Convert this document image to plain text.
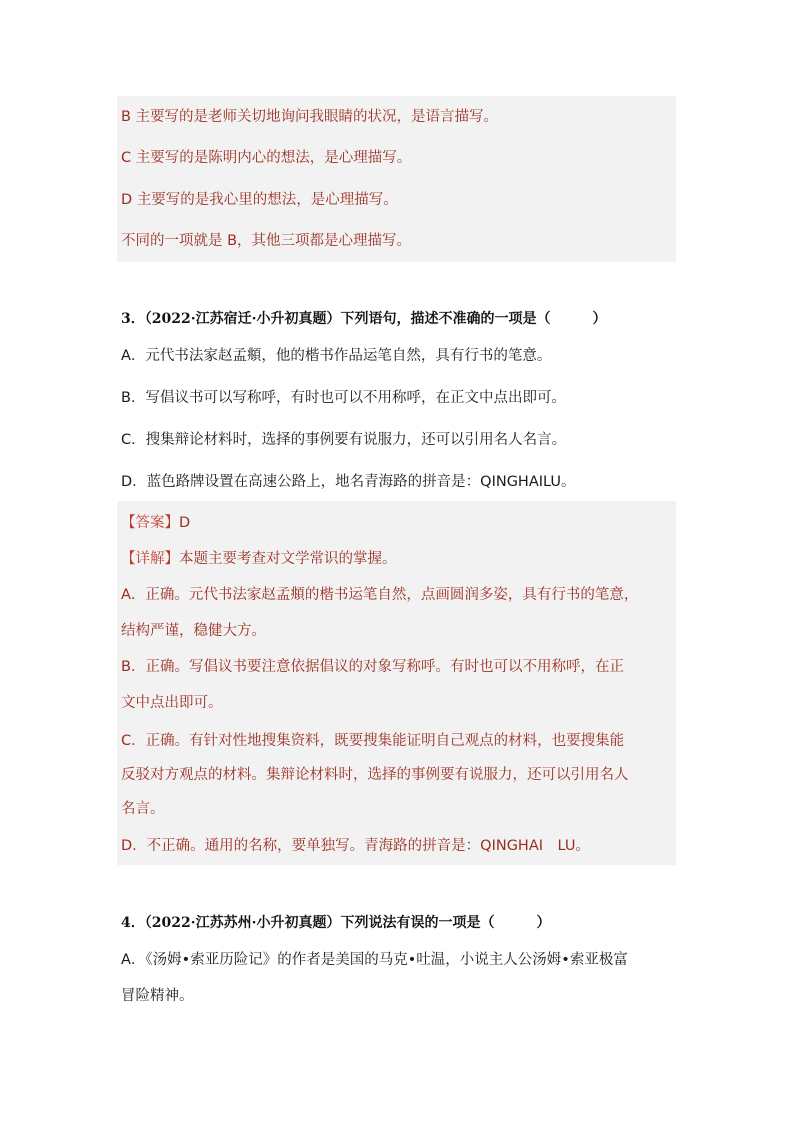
B 主要写的是老师关切地询问我眼睛的状况，是语言描写。
C 主要写的是陈明内心的想法，是心理描写。
D 主要写的是我心里的想法，是心理描写。
不同的一项就是 B，其他三项都是心理描写。
3．（2022·江苏宿迁·小升初真题）下列语句，描述不准确的一项是（　　　）
A．元代书法家赵孟頫，他的楷书作品运笔自然，具有行书的笔意。
B．写倡议书可以写称呼，有时也可以不用称呼，在正文中点出即可。
C．搜集辩论材料时，选择的事例要有说服力，还可以引用名人名言。
D．蓝色路牌设置在高速公路上，地名青海路的拼音是：QINGHAILU。
【答案】D
【详解】本题主要考查对文学常识的掌握。
A．正确。元代书法家赵孟頫的楷书运笔自然，点画圆润多姿，具有行书的笔意，
结构严谨，稳健大方。
B．正确。写倡议书要注意依据倡议的对象写称呼。有时也可以不用称呼，在正
文中点出即可。
C．正确。有针对性地搜集资料，既要搜集能证明自己观点的材料，也要搜集能
反驳对方观点的材料。集辩论材料时，选择的事例要有说服力，还可以引用名人
名言。
D．不正确。通用的名称，要单独写。青海路的拼音是：QINGHAI　LU。
4．（2022·江苏苏州·小升初真题）下列说法有误的一项是（　　　）
A．《汤姆•索亚历险记》的作者是美国的马克•吐温，小说主人公汤姆•索亚极富
冒险精神。
